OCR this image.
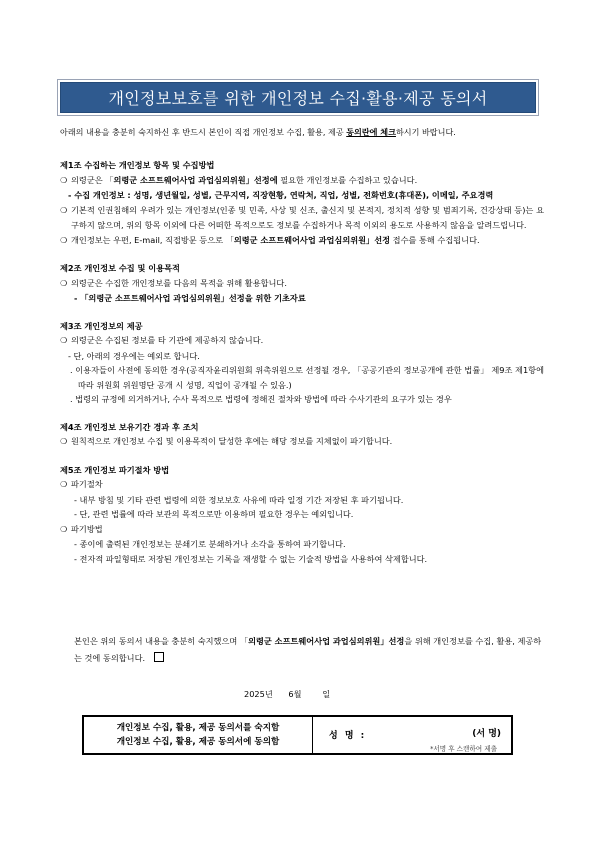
개인정보보호를 위한 개인정보 수집·활용·제공 동의서
아래의 내용을 충분히 숙지하신 후 반드시 본인이 직접 개인정보 수집, 활용, 제공 동의란에 체크하시기 바랍니다.
제1조 수집하는 개인정보 항목 및 수집방법
❍ 의령군은 「의령군 소프트웨어사업 과업심의위원」선정에 필요한 개인정보를 수집하고 있습니다.
- 수집 개인정보 : 성명, 생년월일, 성별, 근무지역, 직장현황, 연락처, 직업, 성별, 전화번호(휴대폰), 이메일, 주요경력
❍ 기본적 인권침해의 우려가 있는 개인정보(인종 및 민족, 사상 및 신조, 출신지 및 본적지, 정치적 성향 및 범죄기록, 건강상태 등)는 요구하지 않으며, 위의 항목 이외에 다른 어떠한 목적으로도 정보를 수집하거나 목적 이외의 용도로 사용하지 않음을 알려드립니다.
❍ 개인정보는 우편, E-mail, 직접방문 등으로 「의령군 소프트웨어사업 과업심의위원」선정 접수를 통해 수집됩니다.
제2조 개인정보 수집 및 이용목적
❍ 의령군은 수집한 개인정보를 다음의 목적을 위해 활용합니다.
- 「의령군 소프트웨어사업 과업심의위원」선정을 위한 기초자료
제3조 개인정보의 제공
❍ 의령군은 수집된 정보를 타 기관에 제공하지 않습니다.
- 단, 아래의 경우에는 예외로 합니다.
. 이용자들이 사전에 동의한 경우(공직자윤리위원회 위촉위원으로 선정될 경우, 「공공기관의 정보공개에 관한 법률」 제9조 제1항에 따라 위원회 위원명단 공개 시 성명, 직업이 공개될 수 있음.)
. 법령의 규정에 의거하거나, 수사 목적으로 법령에 정해진 절차와 방법에 따라 수사기관의 요구가 있는 경우
제4조 개인정보 보유기간 경과 후 조치
❍ 원칙적으로 개인정보 수집 및 이용목적이 달성한 후에는 해당 정보를 지체없이 파기합니다.
제5조 개인정보 파기절차 방법
❍ 파기절차
- 내부 방침 및 기타 관련 법령에 의한 정보보호 사유에 따라 일정 기간 저장된 후 파기됩니다.
- 단, 관련 법률에 따라 보관의 목적으로만 이용하며 필요한 경우는 예외입니다.
❍ 파기방법
- 종이에 출력된 개인정보는 분쇄기로 분쇄하거나 소각을 통하여 파기합니다.
- 전자적 파일형태로 저장된 개인정보는 기록을 재생할 수 없는 기술적 방법을 사용하여 삭제합니다.
본인은 위의 동의서 내용을 충분히 숙지했으며 「의령군 소프트웨어사업 과업심의위원」선정을 위해 개인정보를 수집, 활용, 제공하는 것에 동의합니다.
2025년      6월        일
개인정보 수집, 활용, 제공 동의서를 숙지함
개인정보 수집, 활용, 제공 동의서에 동의함
성 명 :	(서 명)
*서명 후 스캔하여 제출
